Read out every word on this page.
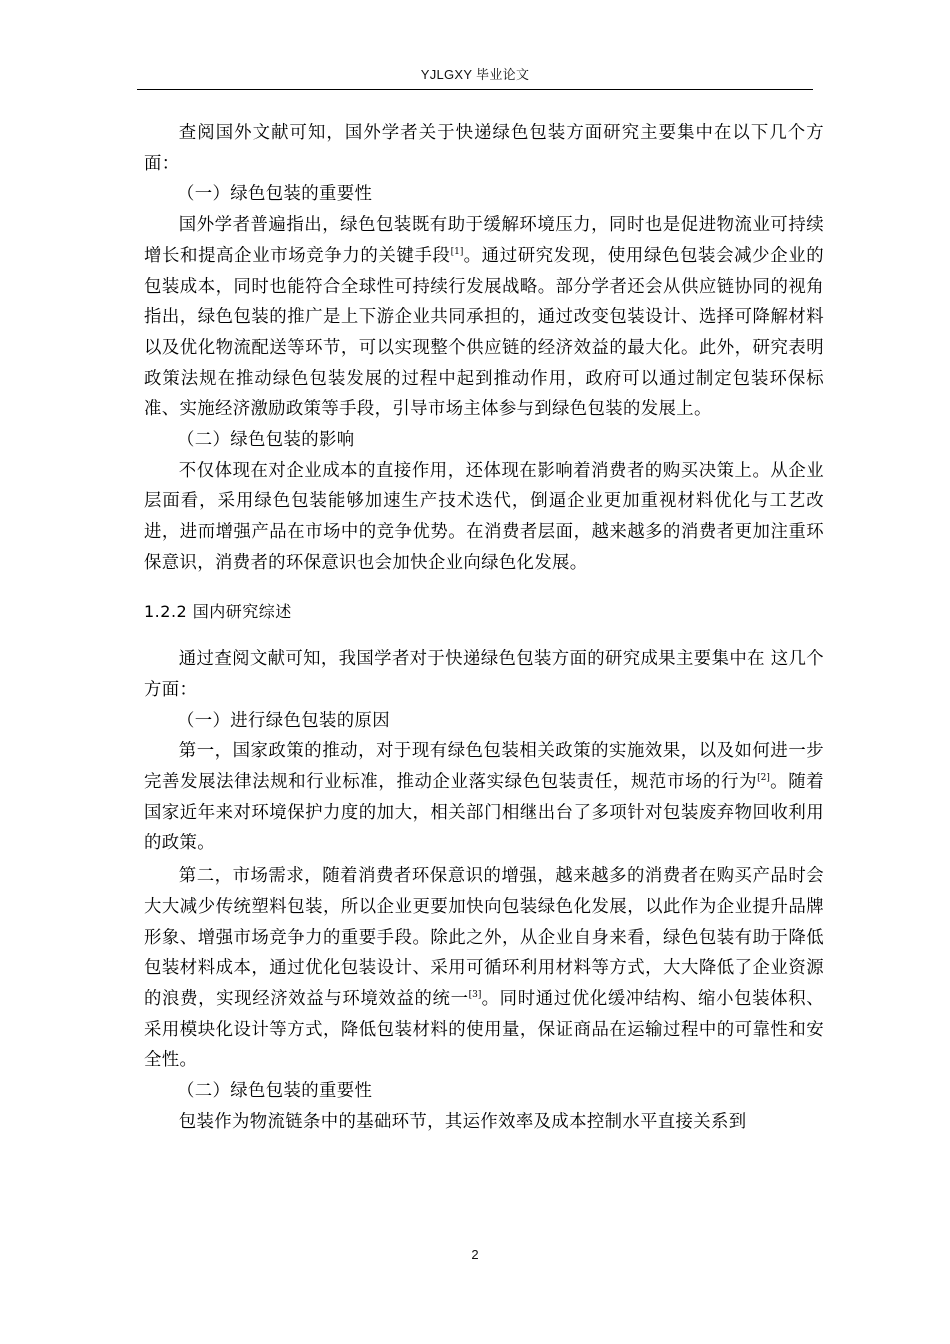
YJLGXY 毕业论文

查阅国外文献可知，国外学者关于快递绿色包装方面研究主要集中在以下几个方面：

（一）绿色包装的重要性

国外学者普遍指出，绿色包装既有助于缓解环境压力，同时也是促进物流业可持续增长和提高企业市场竞争力的关键手段[1]。通过研究发现，使用绿色包装会减少企业的包装成本，同时也能符合全球性可持续行发展战略。部分学者还会从供应链协同的视角指出，绿色包装的推广是上下游企业共同承担的，通过改变包装设计、选择可降解材料以及优化物流配送等环节，可以实现整个供应链的经济效益的最大化。此外，研究表明政策法规在推动绿色包装发展的过程中起到推动作用，政府可以通过制定包装环保标准、实施经济激励政策等手段，引导市场主体参与到绿色包装的发展上。

（二）绿色包装的影响

不仅体现在对企业成本的直接作用，还体现在影响着消费者的购买决策上。从企业层面看，采用绿色包装能够加速生产技术迭代，倒逼企业更加重视材料优化与工艺改进，进而增强产品在市场中的竞争优势。在消费者层面，越来越多的消费者更加注重环保意识，消费者的环保意识也会加快企业向绿色化发展。

1.2.2 国内研究综述

通过查阅文献可知，我国学者对于快递绿色包装方面的研究成果主要集中在 这几个方面：

（一）进行绿色包装的原因

第一，国家政策的推动，对于现有绿色包装相关政策的实施效果，以及如何进一步完善发展法律法规和行业标准，推动企业落实绿色包装责任，规范市场的行为[2]。随着国家近年来对环境保护力度的加大，相关部门相继出台了多项针对包装废弃物回收利用的政策。

第二，市场需求，随着消费者环保意识的增强，越来越多的消费者在购买产品时会大大减少传统塑料包装，所以企业更要加快向包装绿色化发展，以此作为企业提升品牌形象、增强市场竞争力的重要手段。除此之外，从企业自身来看，绿色包装有助于降低包装材料成本，通过优化包装设计、采用可循环利用材料等方式，大大降低了企业资源的浪费，实现经济效益与环境效益的统一[3]。同时通过优化缓冲结构、缩小包装体积、采用模块化设计等方式，降低包装材料的使用量，保证商品在运输过程中的可靠性和安全性。

（二）绿色包装的重要性

包装作为物流链条中的基础环节，其运作效率及成本控制水平直接关系到

2
